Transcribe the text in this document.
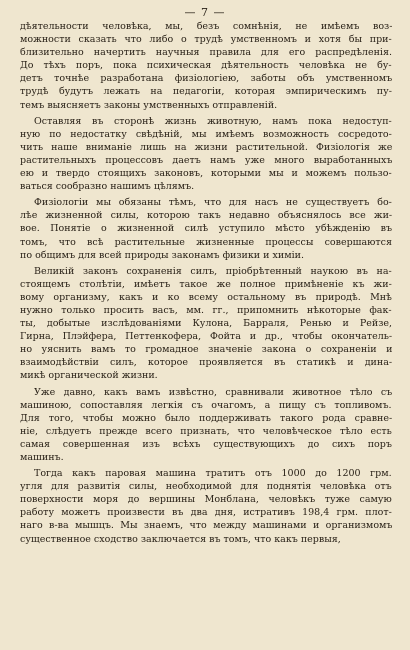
— 7 —
дѣятельности человѣка, мы, безъ сомнѣнія, не имѣемъ воз-
можности сказать что либо о трудѣ умственномъ и хотя бы при-
близительно начертить научныя правила для его распредѣленія.
До тѣхъ поръ, пока психическая дѣятельность человѣка не бу-
детъ точнѣе разработана физіологіею, заботы объ умственномъ
трудѣ будутъ лежать на педагогіи, которая эмпирическимъ пу-
темъ выясняетъ законы умственныхъ отправленій.
Оставляя въ сторонѣ жизнь животную, намъ пока недоступ-
ную по недостатку свѣдѣній, мы имѣемъ возможность сосредото-
чить наше вниманіе лишь на жизни растительной. Физіологія же
растительныхъ процессовъ даетъ намъ уже много выработанныхъ
ею и твердо стоящихъ законовъ, которыми мы и можемъ пользо-
ваться сообразно нашимъ цѣлямъ.
Физіологіи мы обязаны тѣмъ, что для насъ не существуетъ бо-
лѣе жизненной силы, которою такъ недавно объяснялось все жи-
вое. Понятіе о жизненной силѣ уступило мѣсто убѣжденію въ
томъ, что всѣ растительные жизненные процессы совершаются
по общимъ для всей природы законамъ физики и химіи.
Великій законъ сохраненія силъ, пріобрѣтенный наукою въ на-
стоящемъ столѣтіи, имѣетъ такое же полное примѣненіе къ жи-
вому организму, какъ и ко всему остальному въ природѣ. Мнѣ
нужно только просить васъ, мм. гг., припомнить нѣкоторые фак-
ты, добытые изслѣдованіями Кулона, Барраля, Ренью и Рейзе,
Гирна, Плэйфера, Петтенкофера, Фойта и др., чтобы окончатель-
но уяснить вамъ то громадное значеніе закона о сохраненіи и
взаимодѣйствіи силъ, которое проявляется въ статикѣ и дина-
микѣ органической жизни.
Уже давно, какъ вамъ извѣстно, сравнивали животное тѣло съ
машиною, сопоставляя легкія съ очагомъ, а пищу съ топливомъ.
Для того, чтобы можно было поддерживать такого рода сравне-
ніе, слѣдуетъ прежде всего признать, что человѣческое тѣло есть
самая совершенная изъ всѣхъ существующихъ до сихъ поръ
машинъ.
Тогда какъ паровая машина тратитъ отъ 1000 до 1200 грм.
угля для развитія силы, необходимой для поднятія человѣка отъ
поверхности моря до вершины Монблана, человѣкъ туже самую
работу можетъ произвести въ два дня, истративъ 198,4 грм. плот-
наго в-ва мышцъ. Мы знаемъ, что между машинами и организмомъ
существенное сходство заключается въ томъ, что какъ первыя,
